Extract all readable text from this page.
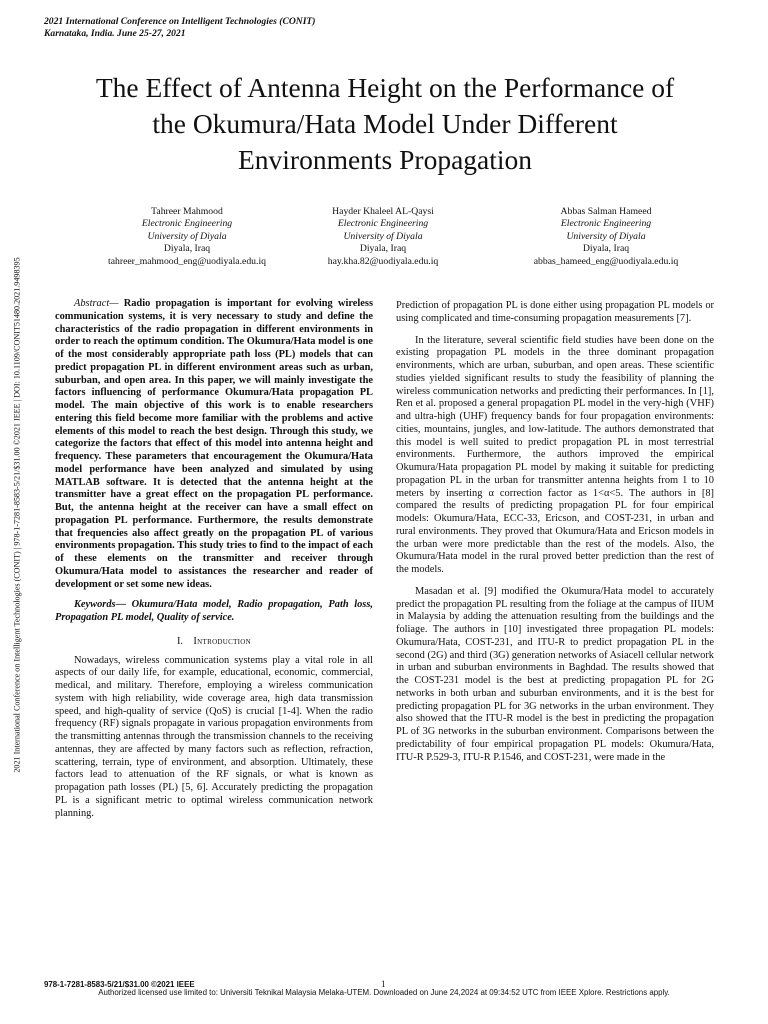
2021 International Conference on Intelligent Technologies (CONIT)
Karnataka, India. June 25-27, 2021
The Effect of Antenna Height on the Performance of
the Okumura/Hata Model Under Different
Environments Propagation
2021 International Conference on Intelligent Technologies (CONIT) | 978-1-7281-8583-5/21/$31.00 ©2021 IEEE | DOI: 10.1109/CONIT51480.2021.9498395
Tahreer Mahmood
Electronic Engineering
University of Diyala
Diyala, Iraq
tahreer_mahmood_eng@uodiyala.edu.iq
Hayder Khaleel AL-Qaysi
Electronic Engineering
University of Diyala
Diyala, Iraq
hay.kha.82@uodiyala.edu.iq
Abbas Salman Hameed
Electronic Engineering
University of Diyala
Diyala, Iraq
abbas_hameed_eng@uodiyala.edu.iq

Abstract— Radio propagation is important for evolving wireless communication systems, it is very necessary to study and define the characteristics of the radio propagation in different environments in order to reach the optimum condition. The Okumura/Hata model is one of the most considerably appropriate path loss (PL) models that can predict propagation PL in different environment areas such as urban, suburban, and open area. In this paper, we will mainly investigate the factors influencing of performance Okumura/Hata propagation PL model. The main objective of this work is to enable researchers entering this field become more familiar with the problems and active elements of this model to reach the best design. Through this study, we categorize the factors that effect of this model into antenna height and frequency. These parameters that encouragement the Okumura/Hata model performance have been analyzed and simulated by using MATLAB software. It is detected that the antenna height at the transmitter have a great effect on the propagation PL performance. But, the antenna height at the receiver can have a small effect on propagation PL performance. Furthermore, the results demonstrate that frequencies also affect greatly on the propagation PL of various environments propagation. This study tries to find to the impact of each of these elements on the transmitter and receiver through Okumura/Hata model to assistances the researcher and reader of development or set some new ideas.

Keywords— Okumura/Hata model, Radio propagation, Path loss, Propagation PL model, Quality of service.

I. Introduction

Nowadays, wireless communication systems play a vital role in all aspects of our daily life, for example, educational, economic, commercial, medical, and military. Therefore, employing a wireless communication system with high reliability, wide coverage area, high data transmission speed, and high-quality of service (QoS) is crucial [1-4]. When the radio frequency (RF) signals propagate in various propagation environments from the transmitting antennas through the transmission channels to the receiving antennas, they are affected by many factors such as reflection, refraction, scattering, terrain, type of environment, and absorption. Ultimately, these factors lead to attenuation of the RF signals, or what is known as propagation path losses (PL) [5, 6]. Accurately predicting the propagation PL is a significant metric to optimal wireless communication network planning.

Prediction of propagation PL is done either using propagation PL models or using complicated and time-consuming propagation measurements [7].

In the literature, several scientific field studies have been done on the existing propagation PL models in the three dominant propagation environments, which are urban, suburban, and open areas. These scientific studies yielded significant results to study the feasibility of planning the wireless communication networks and predicting their performances. In [1], Ren et al. proposed a general propagation PL model in the very-high (VHF) and ultra-high (UHF) frequency bands for four propagation environments: cities, mountains, jungles, and low-latitude. The authors demonstrated that this model is well suited to predict propagation PL in most terrestrial environments. Furthermore, the authors improved the empirical Okumura/Hata propagation PL model by making it suitable for predicting propagation PL in the urban for transmitter antenna heights from 1 to 10 meters by inserting α correction factor as 1<α<5. The authors in [8] compared the results of predicting propagation PL for four empirical models: Okumura/Hata, ECC-33, Ericson, and COST-231, in urban and rural environments. They proved that Okumura/Hata and Ericson models in the urban were more predictable than the rest of the models. Also, the Okumura/Hata model in the rural proved better prediction than the rest of the models.

Masadan et al. [9] modified the Okumura/Hata model to accurately predict the propagation PL resulting from the foliage at the campus of IIUM in Malaysia by adding the attenuation resulting from the buildings and the foliage. The authors in [10] investigated three propagation PL models: Okumura/Hata, COST-231, and ITU-R to predict propagation PL in the second (2G) and third (3G) generation networks of Asiacell cellular network in urban and suburban environments in Baghdad. The results showed that the COST-231 model is the best at predicting propagation PL for 2G networks in both urban and suburban environments, and it is the best for predicting propagation PL for 3G networks in the urban environment. They also showed that the ITU-R model is the best in predicting the propagation PL of 3G networks in the suburban environment. Comparisons between the predictability of four empirical propagation PL models: Okumura/Hata, ITU-R P.529-3, ITU-R P.1546, and COST-231, were made in the

978-1-7281-8583-5/21/$31.00 ©2021 IEEE	1
Authorized licensed use limited to: Universiti Teknikal Malaysia Melaka-UTEM. Downloaded on June 24,2024 at 09:34:52 UTC from IEEE Xplore. Restrictions apply.
